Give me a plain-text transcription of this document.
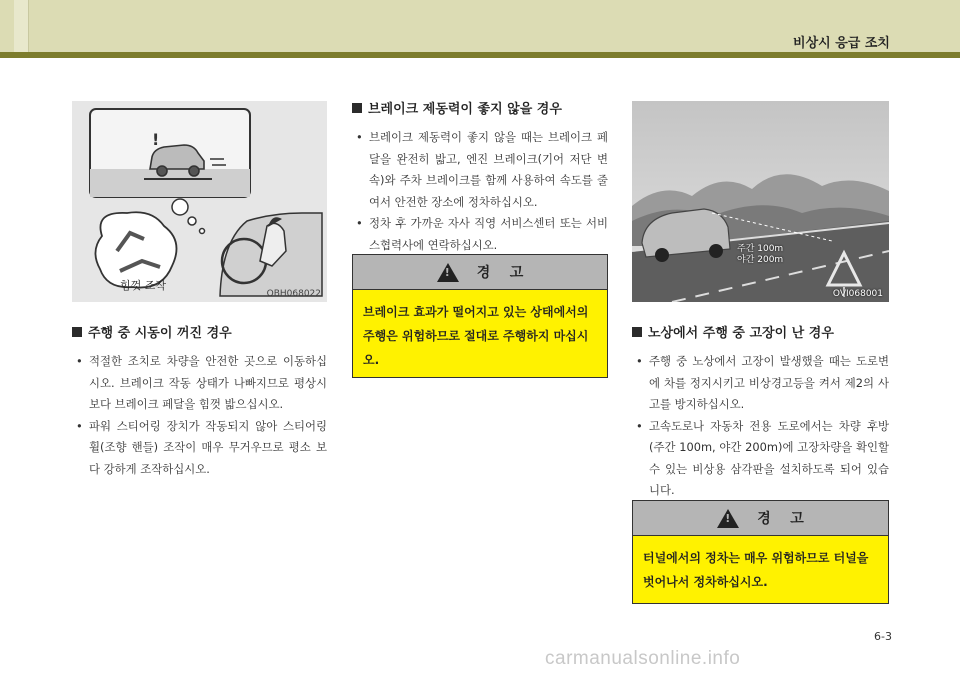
비상시 응급 조치
!
힘껏 조작
OBH068022
주행 중 시동이 꺼진 경우
• 적절한 조치로 차량을 안전한 곳으로 이동하십시오. 브레이크 작동 상태가 나빠지므로 평상시보다 브레이크 페달을 힘껏 밟으십시오.
• 파워 스티어링 장치가 작동되지 않아 스티어링 휠(조향 핸들) 조작이 매우 무거우므로 평소 보다 강하게 조작하십시오.
브레이크 제동력이 좋지 않을 경우
• 브레이크 제동력이 좋지 않을 때는 브레이크 페달을 완전히 밟고, 엔진 브레이크(기어 저단 변속)와 주차 브레이크를 함께 사용하여 속도를 줄여서 안전한 장소에 정차하십시오.
• 정차 후 가까운 자사 직영 서비스센터 또는 서비스협력사에 연락하십시오.
!
경    고
브레이크 효과가 떨어지고 있는 상태에서의 주행은 위험하므로 절대로 주행하지 마십시오.
주간 100m
야간 200m
OVI068001
노상에서 주행 중 고장이 난 경우
• 주행 중 노상에서 고장이 발생했을 때는 도로변에 차를 정지시키고 비상경고등을 켜서 제2의 사고를 방지하십시오.
• 고속도로나 자동차 전용 도로에서는 차량 후방(주간 100m, 야간 200m)에 고장차량을 확인할 수 있는 비상용 삼각판을 설치하도록 되어 있습니다.
!
경    고
터널에서의 정차는 매우 위험하므로 터널을 벗어나서 정차하십시오.
6-3
carmanualsonline.info
